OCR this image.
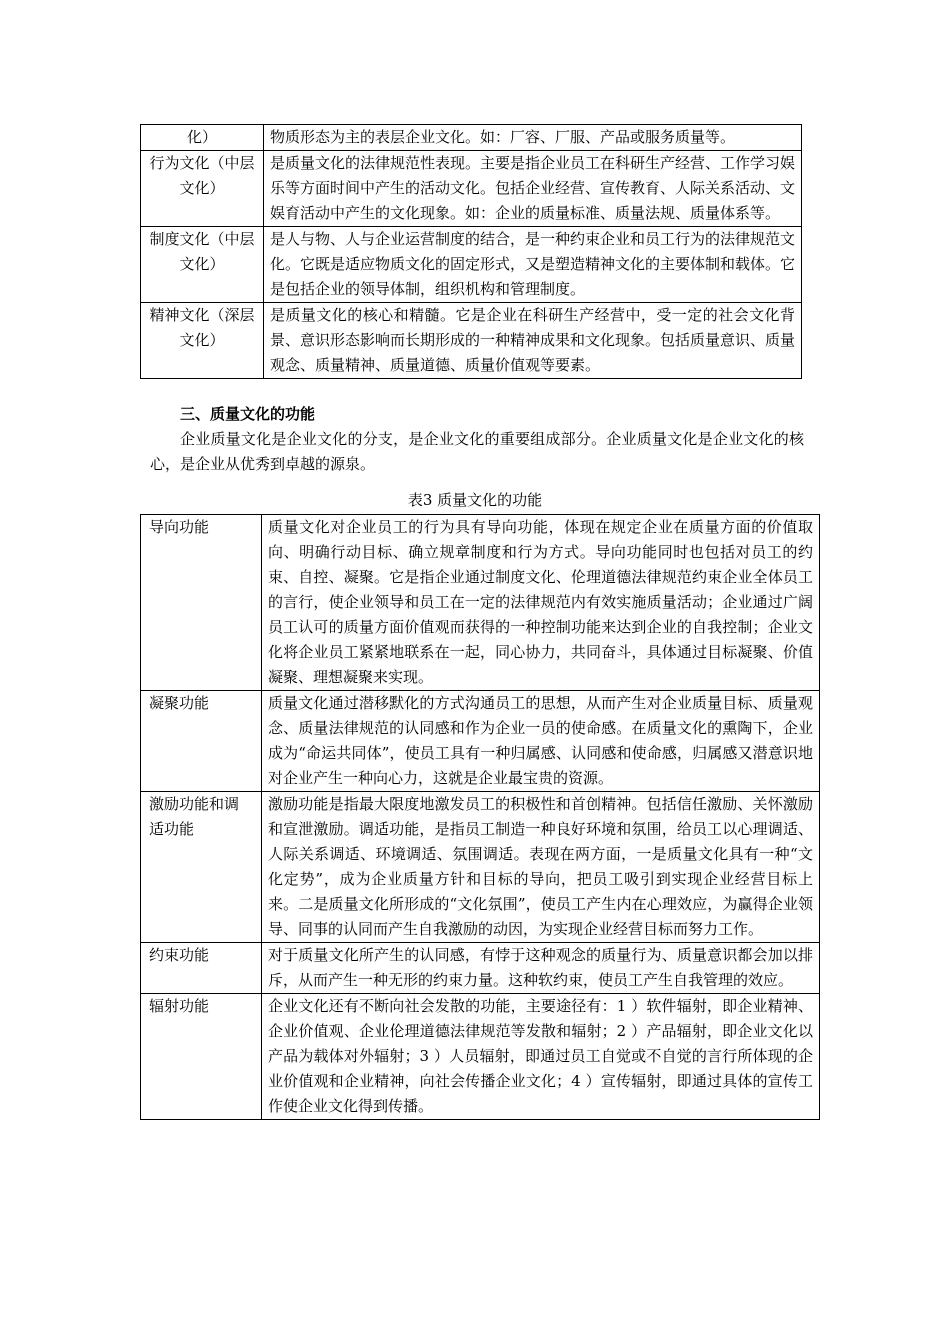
化）	物质形态为主的表层企业文化。如：厂容、厂服、产品或服务质量等。
行为文化（中层文化）	是质量文化的法律规范性表现。主要是指企业员工在科研生产经营、工作学习娱乐等方面时间中产生的活动文化。包括企业经营、宣传教育、人际关系活动、文娱育活动中产生的文化现象。如：企业的质量标准、质量法规、质量体系等。
制度文化（中层文化）	是人与物、人与企业运营制度的结合，是一种约束企业和员工行为的法律规范文化。它既是适应物质文化的固定形式，又是塑造精神文化的主要体制和载体。它是包括企业的领导体制，组织机构和管理制度。
精神文化（深层文化）	是质量文化的核心和精髓。它是企业在科研生产经营中，受一定的社会文化背景、意识形态影响而长期形成的一种精神成果和文化现象。包括质量意识、质量观念、质量精神、质量道德、质量价值观等要素。
三、质量文化的功能
企业质量文化是企业文化的分支，是企业文化的重要组成部分。企业质量文化是企业文化的核心，是企业从优秀到卓越的源泉。
表3 质量文化的功能
导向功能	质量文化对企业员工的行为具有导向功能，体现在规定企业在质量方面的价值取向、明确行动目标、确立规章制度和行为方式。导向功能同时也包括对员工的约束、自控、凝聚。它是指企业通过制度文化、伦理道德法律规范约束企业全体员工的言行，使企业领导和员工在一定的法律规范内有效实施质量活动；企业通过广阔员工认可的质量方面价值观而获得的一种控制功能来达到企业的自我控制；企业文化将企业员工紧紧地联系在一起，同心协力，共同奋斗，具体通过目标凝聚、价值凝聚、理想凝聚来实现。
凝聚功能	质量文化通过潜移默化的方式沟通员工的思想，从而产生对企业质量目标、质量观念、质量法律规范的认同感和作为企业一员的使命感。在质量文化的熏陶下，企业成为“命运共同体”，使员工具有一种归属感、认同感和使命感，归属感又潜意识地对企业产生一种向心力，这就是企业最宝贵的资源。
激励功能和调适功能	激励功能是指最大限度地激发员工的积极性和首创精神。包括信任激励、关怀激励和宣泄激励。调适功能，是指员工制造一种良好环境和氛围，给员工以心理调适、人际关系调适、环境调适、氛围调适。表现在两方面，一是质量文化具有一种“文化定势”，成为企业质量方针和目标的导向，把员工吸引到实现企业经营目标上来。二是质量文化所形成的“文化氛围”，使员工产生内在心理效应，为赢得企业领导、同事的认同而产生自我激励的动因，为实现企业经营目标而努力工作。
约束功能	对于质量文化所产生的认同感，有悖于这种观念的质量行为、质量意识都会加以排斥，从而产生一种无形的约束力量。这种软约束，使员工产生自我管理的效应。
辐射功能	企业文化还有不断向社会发散的功能，主要途径有：1 ）软件辐射，即企业精神、企业价值观、企业伦理道德法律规范等发散和辐射；2 ）产品辐射，即企业文化以产品为载体对外辐射；3 ）人员辐射，即通过员工自觉或不自觉的言行所体现的企业价值观和企业精神，向社会传播企业文化；4 ）宣传辐射，即通过具体的宣传工作使企业文化得到传播。
